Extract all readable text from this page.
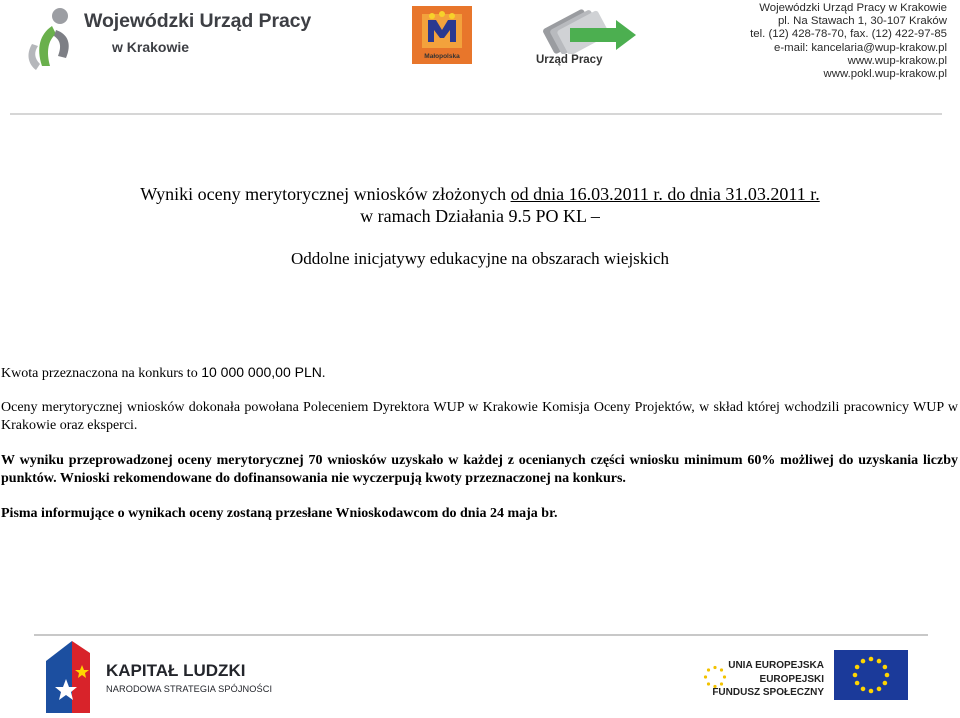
Wojewódzki Urząd Pracy
w Krakowie
Małopolska	Urząd Pracy
Wojewódzki Urząd Pracy w Krakowie
pl. Na Stawach 1, 30-107 Kraków
tel. (12) 428-78-70, fax. (12) 422-97-85
e-mail: kancelaria@wup-krakow.pl
www.wup-krakow.pl
www.pokl.wup-krakow.pl
Wyniki oceny merytorycznej wniosków złożonych od dnia 16.03.2011 r. do dnia 31.03.2011 r.
w ramach Działania 9.5 PO KL –
Oddolne inicjatywy edukacyjne na obszarach wiejskich
Kwota przeznaczona na konkurs to 10 000 000,00 PLN.
Oceny merytorycznej wniosków dokonała powołana Poleceniem Dyrektora WUP w Krakowie Komisja Oceny Projektów, w skład której wchodzili pracownicy WUP w Krakowie oraz eksperci.
W wyniku przeprowadzonej oceny merytorycznej 70 wniosków uzyskało w każdej z ocenianych części wniosku minimum 60% możliwej do uzyskania liczby punktów. Wnioski rekomendowane do dofinansowania nie wyczerpują kwoty przeznaczonej na konkurs.
Pisma informujące o wynikach oceny zostaną przesłane Wnioskodawcom do dnia 24 maja br.
KAPITAŁ LUDZKI
NARODOWA STRATEGIA SPÓJNOŚCI
UNIA EUROPEJSKA
EUROPEJSKI
FUNDUSZ SPOŁECZNY
